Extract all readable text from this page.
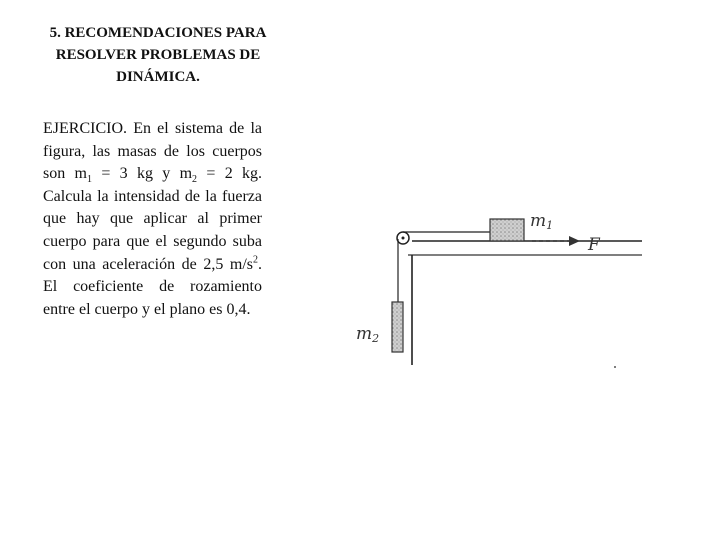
5. RECOMENDACIONES PARA RESOLVER PROBLEMAS DE DINÁMICA.
EJERCICIO. En el sistema de la figura, las masas de los cuerpos son $m_1 = 3$ kg y $m_2 = 2$ kg. Calcula la intensidad de la fuerza que hay que aplicar al primer cuerpo para que el segundo suba con una aceleración de 2,5 $m/s^2$. El coeficiente de rozamiento entre el cuerpo y el plano es 0,4.
m1
F
m2
